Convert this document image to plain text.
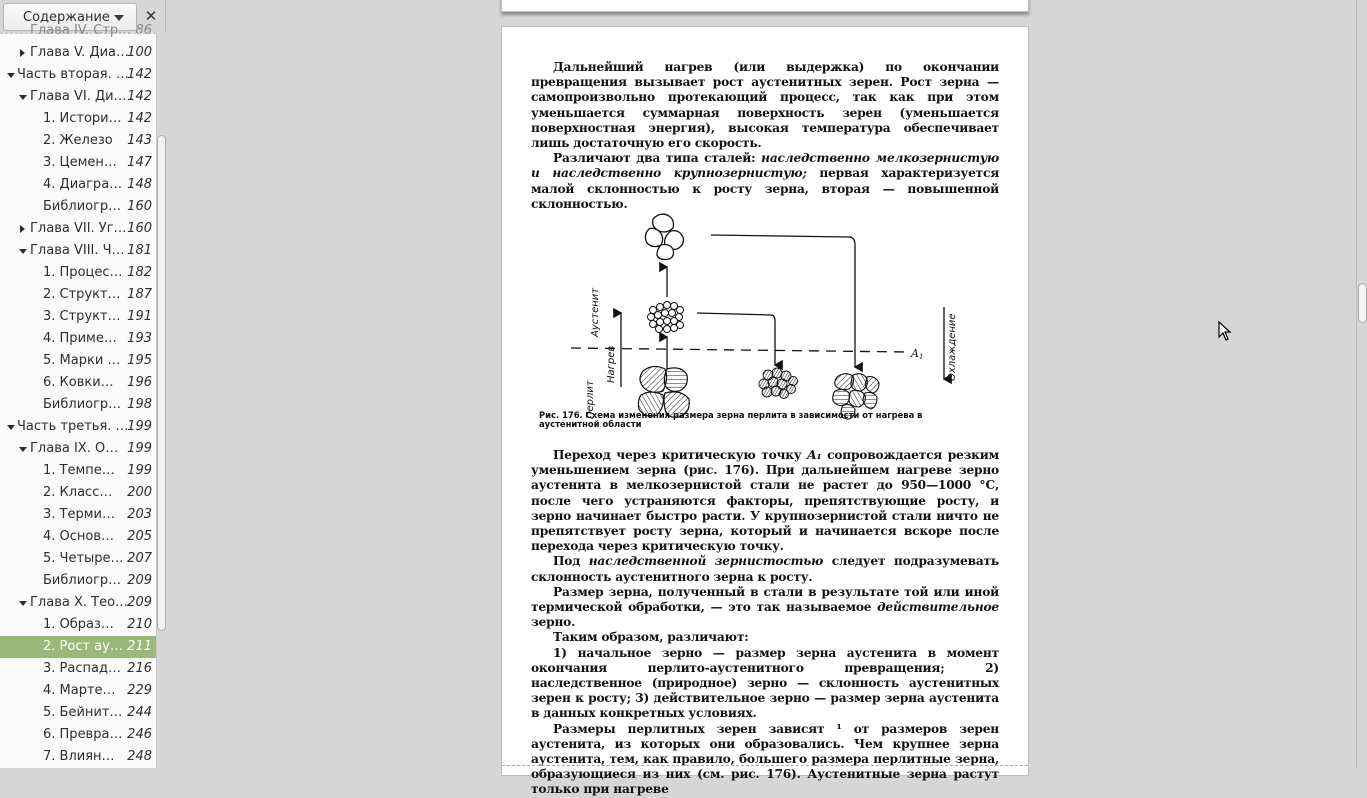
Содержание ✕
Глава IV. Стр... 86
Глава V. Диа…
100
Часть вторая. …
142
Глава VI. Ди… 142
1. Истори… 142
2. Железо 143
3. Цемен… 147
4. Диагра… 148
Библиогр… 160
Глава VII. Уг… 160
Глава VIII. Ч… 181
1. Процес… 182
2. Структ… 187
3. Структ… 191
4. Приме… 193
5. Марки … 195
6. Ковки… 196
Библиогр… 198
Часть третья. …
199
Глава IX. О… 199
1. Темпе… 199
2. Класс… 200
3. Терми… 203
4. Основ… 205
5. Четыре… 207
Библиогр… 209
Глава X. Тео… 209
1. Образ… 210
2. Рост ау… 211
3. Распад… 216
4. Марте… 229
5. Бейнит… 244
6. Превра… 246
7. Влиян… 248

Дальнейший нагрев (или выдержка) по окончании превращения вызывает рост аустенитных зерен. Рост зерна — самопроизвольно протекающий процесс, так как при этом уменьшается суммарная поверхность зерен (уменьшается поверхностная энергия), высокая температура обеспечивает лишь достаточную его скорость.

Различают два типа сталей: наследственно мелкозернистую и наследственно крупнозернистую; первая характеризуется малой склонностью к росту зерна, вторая — повышенной склонностью.

A1
Аустенит
Перлит
Нагрев	Охлаждение
Рис. 176. Схема изменения размера зерна перлита в зависимости от нагрева в аустенитной области

Переход через критическую точку A₁ сопровождается резким уменьшением зерна (рис. 176). При дальнейшем нагреве зерно аустенита в мелкозернистой стали не растет до 950—1000 °С, после чего устраняются факторы, препятствующие росту, и зерно начинает быстро расти. У крупнозернистой стали ничто не препятствует росту зерна, который и начинается вскоре после перехода через критическую точку.

Под наследственной зернистостью следует подразумевать склонность аустенитного зерна к росту.

Размер зерна, полученный в стали в результате той или иной термической обработки, — это так называемое действительное зерно.

Таким образом, различают:

1) начальное зерно — размер зерна аустенита в момент окончания перлито-аустенитного превращения; 2) наследственное (природное) зерно — склонность аустенитных зерен к росту; 3) действительное зерно — размер зерна аустенита в данных конкретных условиях.

Размеры перлитных зерен зависят ¹ от размеров зерен аустенита, из которых они образовались. Чем крупнее зерна аустенита, тем, как правило, большего размера перлитные зерна, образующиеся из них (см. рис. 176). Аустенитные зерна растут только при нагреве
